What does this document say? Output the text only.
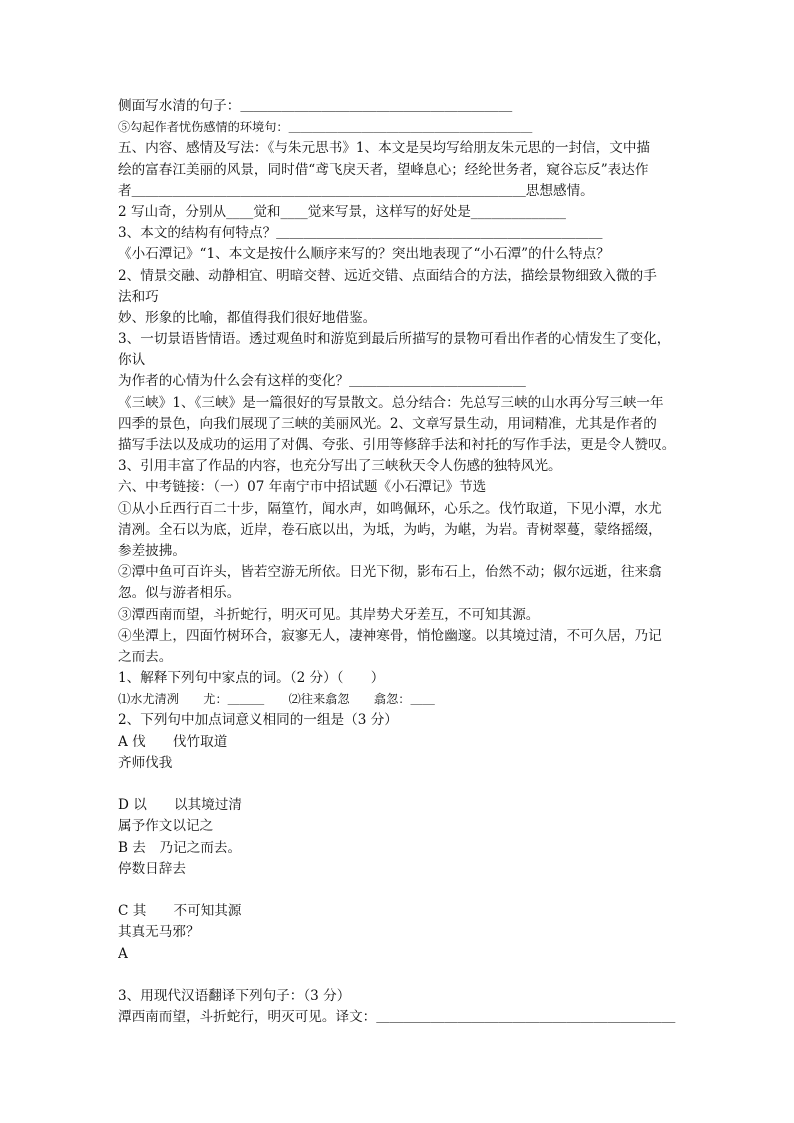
侧面写水清的句子：＿＿＿＿＿＿＿＿＿＿＿＿＿＿＿＿＿＿＿＿
⑤勾起作者忧伤感情的环境句：＿＿＿＿＿＿＿＿＿＿＿＿＿＿＿＿＿＿＿＿
五、内容、感情及写法：《与朱元思书》1、本文是吴均写给朋友朱元思的一封信，文中描
绘的富春江美丽的风景，同时借“鸢飞戾天者，望峰息心；经纶世务者，窥谷忘反”表达作
者＿＿＿＿＿＿＿＿＿＿＿＿＿＿＿＿＿＿＿＿＿＿＿＿＿＿＿＿＿思想感情。
2 写山奇，分别从____觉和____觉来写景，这样写的好处是______________
3、本文的结构有何特点？＿＿＿＿＿＿＿＿＿＿＿＿＿＿＿＿＿＿＿＿＿＿＿＿
《小石潭记》“1、本文是按什么顺序来写的？突出地表现了“小石潭”的什么特点？
2、情景交融、动静相宜、明暗交替、远近交错、点面结合的方法，描绘景物细致入微的手
法和巧
妙、形象的比喻，都值得我们很好地借鉴。
3、一切景语皆情语。透过观鱼时和游览到最后所描写的景物可看出作者的心情发生了变化，
你认
为作者的心情为什么会有这样的变化？＿＿＿＿＿＿＿＿＿＿＿＿＿
《三峡》1、《三峡》是一篇很好的写景散文。总分结合：先总写三峡的山水再分写三峡一年
四季的景色，向我们展现了三峡的美丽风光。2、文章写景生动，用词精准，尤其是作者的
描写手法以及成功的运用了对偶、夸张、引用等修辞手法和衬托的写作手法，更是令人赞叹。
3、引用丰富了作品的内容，也充分写出了三峡秋天令人伤感的独特风光。
六、中考链接：（一）07 年南宁市中招试题《小石潭记》节选
①从小丘西行百二十步，隔篁竹，闻水声，如鸣佩环，心乐之。伐竹取道，下见小潭，水尤
清冽。全石以为底，近岸，卷石底以出，为坻，为屿，为嵁，为岩。青树翠蔓，蒙络摇缀，
参差披拂。
②潭中鱼可百许头，皆若空游无所依。日光下彻，影布石上，佁然不动；俶尔远逝，往来翕
忽。似与游者相乐。
③潭西南而望，斗折蛇行，明灭可见。其岸势犬牙差互，不可知其源。
④坐潭上，四面竹树环合，寂寥无人，凄神寒骨，悄怆幽邃。以其境过清，不可久居，乃记
之而去。
1、解释下列句中家点的词。（2 分）（　　）
⑴水尤清冽　　尤：＿＿＿　　⑵往来翕忽　　翕忽：＿＿
2、下列句中加点词意义相同的一组是（3 分）
A 伐　　伐竹取道
齐师伐我
D 以　　以其境过清
属予作文以记之
B 去　乃记之而去。
停数日辞去
C 其　　不可知其源
其真无马邪？
A
3、用现代汉语翻译下列句子：（3 分）
潭西南而望，斗折蛇行，明灭可见。译文：＿＿＿＿＿＿＿＿＿＿＿＿＿＿＿＿＿＿＿＿＿＿
